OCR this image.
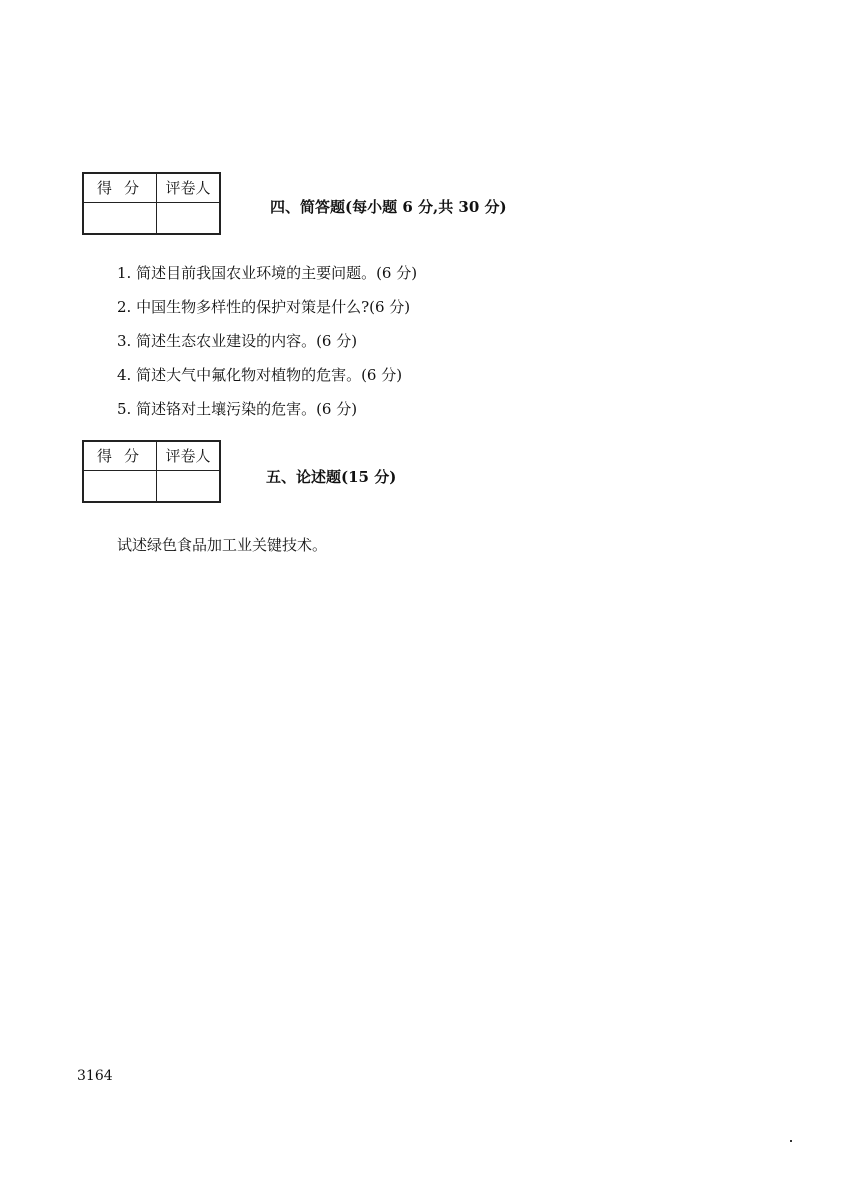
得分	评卷人

四、简答题(每小题 6 分,共 30 分)
1. 简述目前我国农业环境的主要问题。(6 分)
2. 中国生物多样性的保护对策是什么?(6 分)
3. 简述生态农业建设的内容。(6 分)
4. 简述大气中氟化物对植物的危害。(6 分)
5. 简述铬对土壤污染的危害。(6 分)
得分	评卷人

五、论述题(15 分)
试述绿色食品加工业关键技术。
3164
